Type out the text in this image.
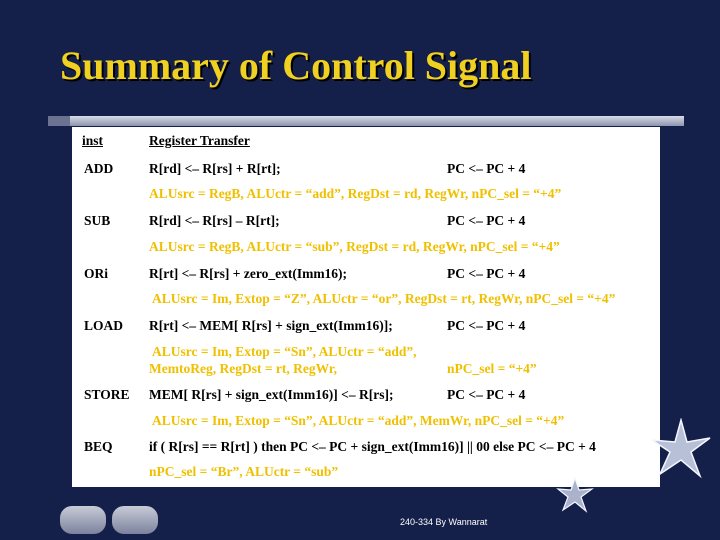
Summary of Control Signal
inst	Register Transfer
ADD	R[rd] <– R[rs] + R[rt];	PC <– PC + 4
ALUsrc = RegB, ALUctr = “add”, RegDst = rd, RegWr, nPC_sel = “+4”
SUB	R[rd] <– R[rs] – R[rt];	PC <– PC + 4
ALUsrc = RegB, ALUctr = “sub”, RegDst = rd, RegWr, nPC_sel = “+4”
ORi	R[rt] <– R[rs] + zero_ext(Imm16);	PC <– PC + 4
ALUsrc = Im, Extop = “Z”, ALUctr = “or”, RegDst = rt, RegWr, nPC_sel = “+4”
LOAD R[rt] <– MEM[ R[rs] + sign_ext(Imm16)];	PC <– PC + 4
ALUsrc = Im, Extop = “Sn”, ALUctr = “add”,
MemtoReg, RegDst = rt, RegWr,	nPC_sel = “+4”
STORE MEM[ R[rs] + sign_ext(Imm16)] <– R[rs];	PC <– PC + 4
ALUsrc = Im, Extop = “Sn”, ALUctr = “add”, MemWr, nPC_sel = “+4”
BEQ	if ( R[rs] == R[rt] ) then PC <– PC + sign_ext(Imm16)] || 00 else PC <– PC + 4
nPC_sel = “Br”, ALUctr = “sub”
240-334 By Wannarat
